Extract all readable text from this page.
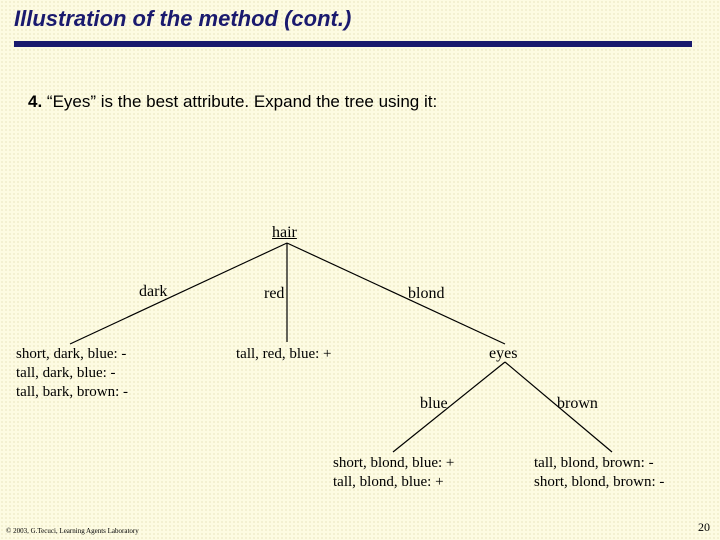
Illustration of the method (cont.)
4. “Eyes” is the best attribute. Expand the tree using it:
hair
dark	red	blond
eyes
blue	brown
short, dark, blue: -
tall, dark, blue: -
tall, bark, brown: -
tall, red, blue: +
short, blond, blue: +
tall, blond, blue: +
tall, blond, brown: -
short, blond, brown: -
© 2003, G.Tecuci, Learning Agents Laboratory	20
